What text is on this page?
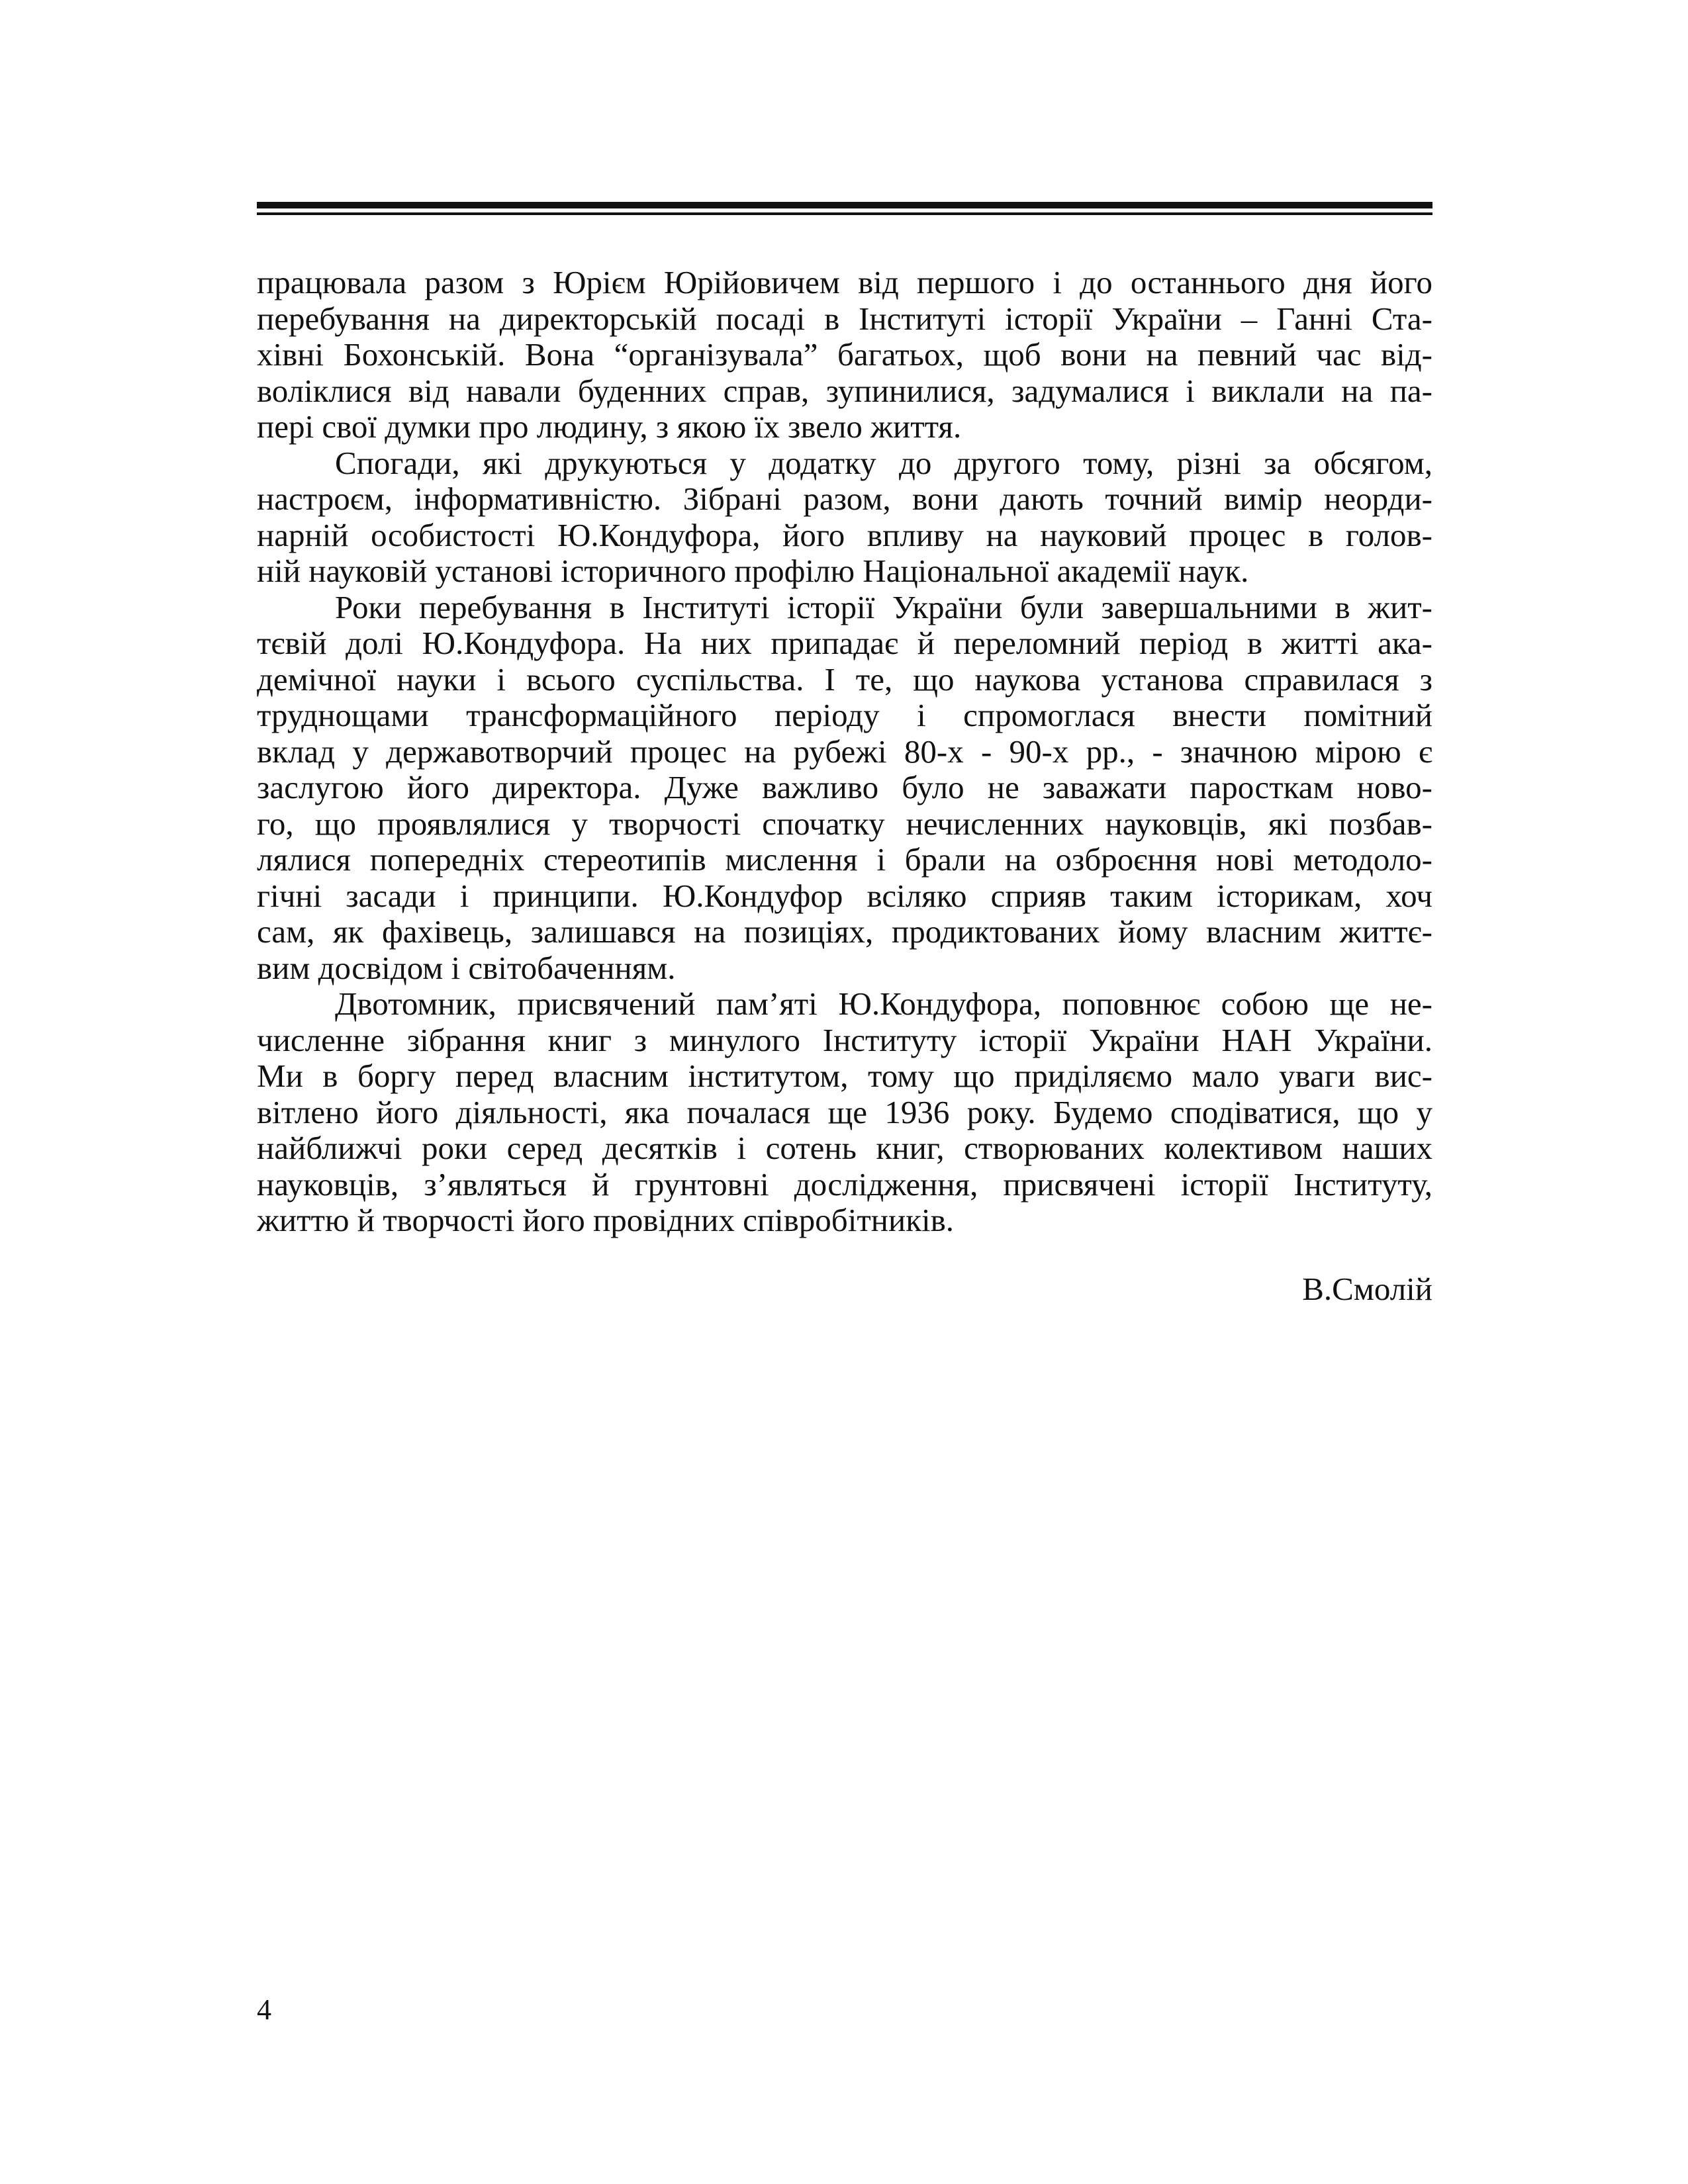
працювала разом з Юрієм Юрійовичем від першого і до останнього дня його
перебування на директорській посаді в Інституті історії України – Ганні Ста-
хівні Бохонській. Вона “організувала” багатьох, щоб вони на певний час від-
воліклися від навали буденних справ, зупинилися, задумалися і виклали на па-
пері свої думки про людину, з якою їх звело життя.
Спогади, які друкуються у додатку до другого тому, різні за обсягом,
настроєм, інформативністю. Зібрані разом, вони дають точний вимір неорди-
нарній особистості Ю.Кондуфора, його впливу на науковий процес в голов-
ній науковій установі історичного профілю Національної академії наук.
Роки перебування в Інституті історії України були завершальними в жит-
тєвій долі Ю.Кондуфора. На них припадає й переломний період в житті ака-
демічної науки і всього суспільства. І те, що наукова установа справилася з
труднощами трансформаційного періоду і спромоглася внести помітний
вклад у державотворчий процес на рубежі 80-х - 90-х рр., - значною мірою є
заслугою його директора. Дуже важливо було не заважати паросткам ново-
го, що проявлялися у творчості спочатку нечисленних науковців, які позбав-
лялися попередніх стереотипів мислення і брали на озброєння нові методоло-
гічні засади і принципи. Ю.Кондуфор всіляко сприяв таким історикам, хоч
сам, як фахівець, залишався на позиціях, продиктованих йому власним життє-
вим досвідом і світобаченням.
Двотомник, присвячений пам’яті Ю.Кондуфора, поповнює собою ще не-
численне зібрання книг з минулого Інституту історії України НАН України.
Ми в боргу перед власним інститутом, тому що приділяємо мало уваги вис-
вітлено його діяльності, яка почалася ще 1936 року. Будемо сподіватися, що у
найближчі роки серед десятків і сотень книг, створюваних колективом наших
науковців, з’являться й грунтовні дослідження, присвячені історії Інституту,
життю й творчості його провідних співробітників.
В.Смолій
4
